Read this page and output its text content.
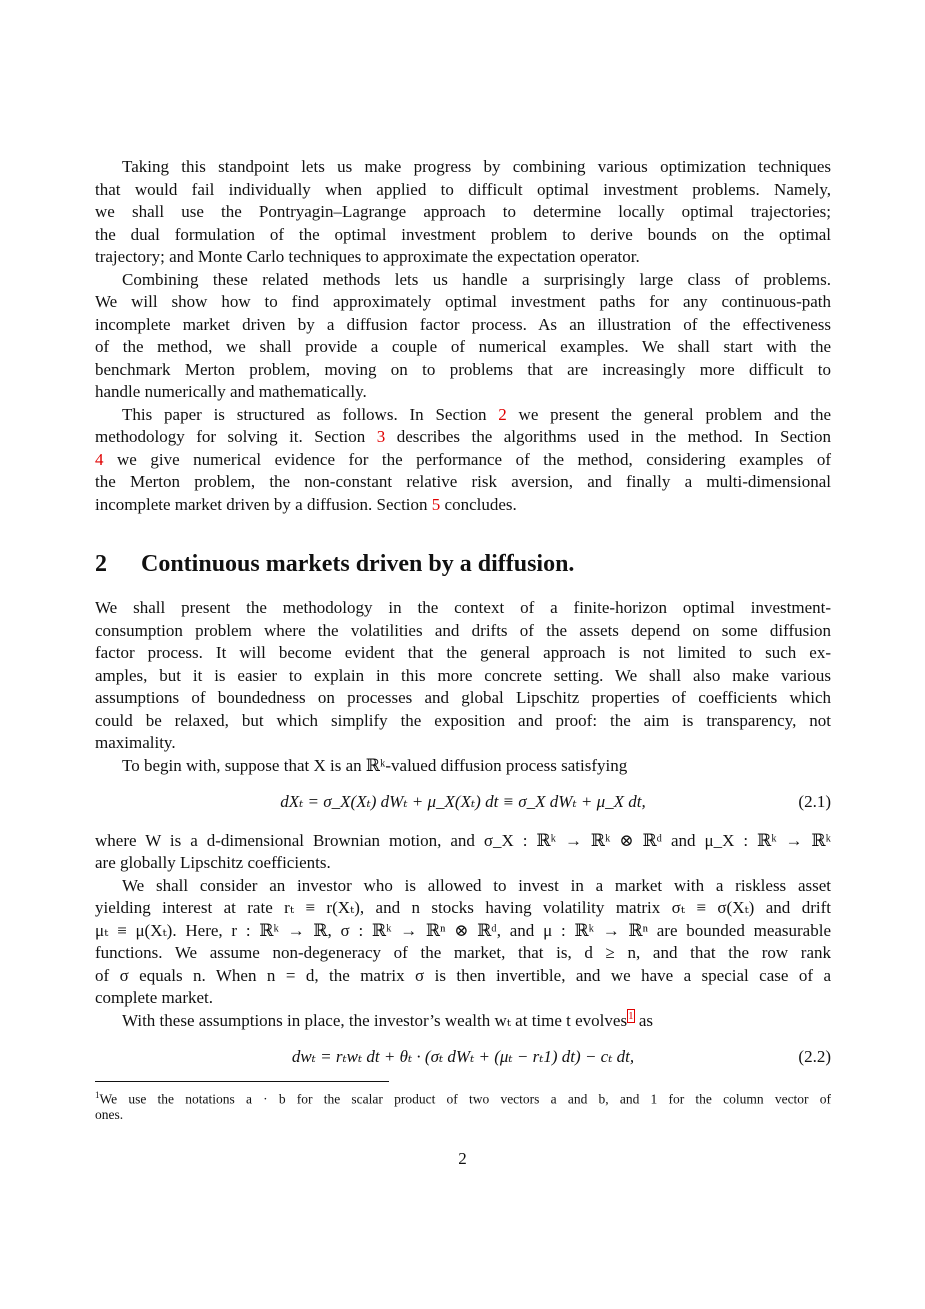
Taking this standpoint lets us make progress by combining various optimization techniques
that would fail individually when applied to difficult optimal investment problems. Namely,
we shall use the Pontryagin–Lagrange approach to determine locally optimal trajectories;
the dual formulation of the optimal investment problem to derive bounds on the optimal
trajectory; and Monte Carlo techniques to approximate the expectation operator.
Combining these related methods lets us handle a surprisingly large class of problems.
We will show how to find approximately optimal investment paths for any continuous-path
incomplete market driven by a diffusion factor process. As an illustration of the effectiveness
of the method, we shall provide a couple of numerical examples. We shall start with the
benchmark Merton problem, moving on to problems that are increasingly more difficult to
handle numerically and mathematically.
This paper is structured as follows. In Section 2 we present the general problem and the
methodology for solving it. Section 3 describes the algorithms used in the method. In Section
4 we give numerical evidence for the performance of the method, considering examples of
the Merton problem, the non-constant relative risk aversion, and finally a multi-dimensional
incomplete market driven by a diffusion. Section 5 concludes.
2 Continuous markets driven by a diffusion.
We shall present the methodology in the context of a finite-horizon optimal investment-
consumption problem where the volatilities and drifts of the assets depend on some diffusion
factor process. It will become evident that the general approach is not limited to such ex-
amples, but it is easier to explain in this more concrete setting. We shall also make various
assumptions of boundedness on processes and global Lipschitz properties of coefficients which
could be relaxed, but which simplify the exposition and proof: the aim is transparency, not
maximality.
To begin with, suppose that X is an ℝᵏ-valued diffusion process satisfying
dXₜ = σ_X(Xₜ) dWₜ + μ_X(Xₜ) dt ≡ σ_X dWₜ + μ_X dt,	(2.1)
where W is a d-dimensional Brownian motion, and σ_X : ℝᵏ → ℝᵏ ⊗ ℝᵈ and μ_X : ℝᵏ → ℝᵏ
are globally Lipschitz coefficients.
We shall consider an investor who is allowed to invest in a market with a riskless asset
yielding interest at rate rₜ ≡ r(Xₜ), and n stocks having volatility matrix σₜ ≡ σ(Xₜ) and drift
μₜ ≡ μ(Xₜ). Here, r : ℝᵏ → ℝ, σ : ℝᵏ → ℝⁿ ⊗ ℝᵈ, and μ : ℝᵏ → ℝⁿ are bounded measurable
functions. We assume non-degeneracy of the market, that is, d ≥ n, and that the row rank
of σ equals n. When n = d, the matrix σ is then invertible, and we have a special case of a
complete market.
With these assumptions in place, the investor’s wealth wₜ at time t evolves$^1$ as
dwₜ = rₜwₜ dt + θₜ · (σₜ dWₜ + (μₜ − rₜ1) dt) − cₜ dt,	(2.2)
$^1$We use the notations a · b for the scalar product of two vectors a and b, and 1 for the column vector of
ones.
2
